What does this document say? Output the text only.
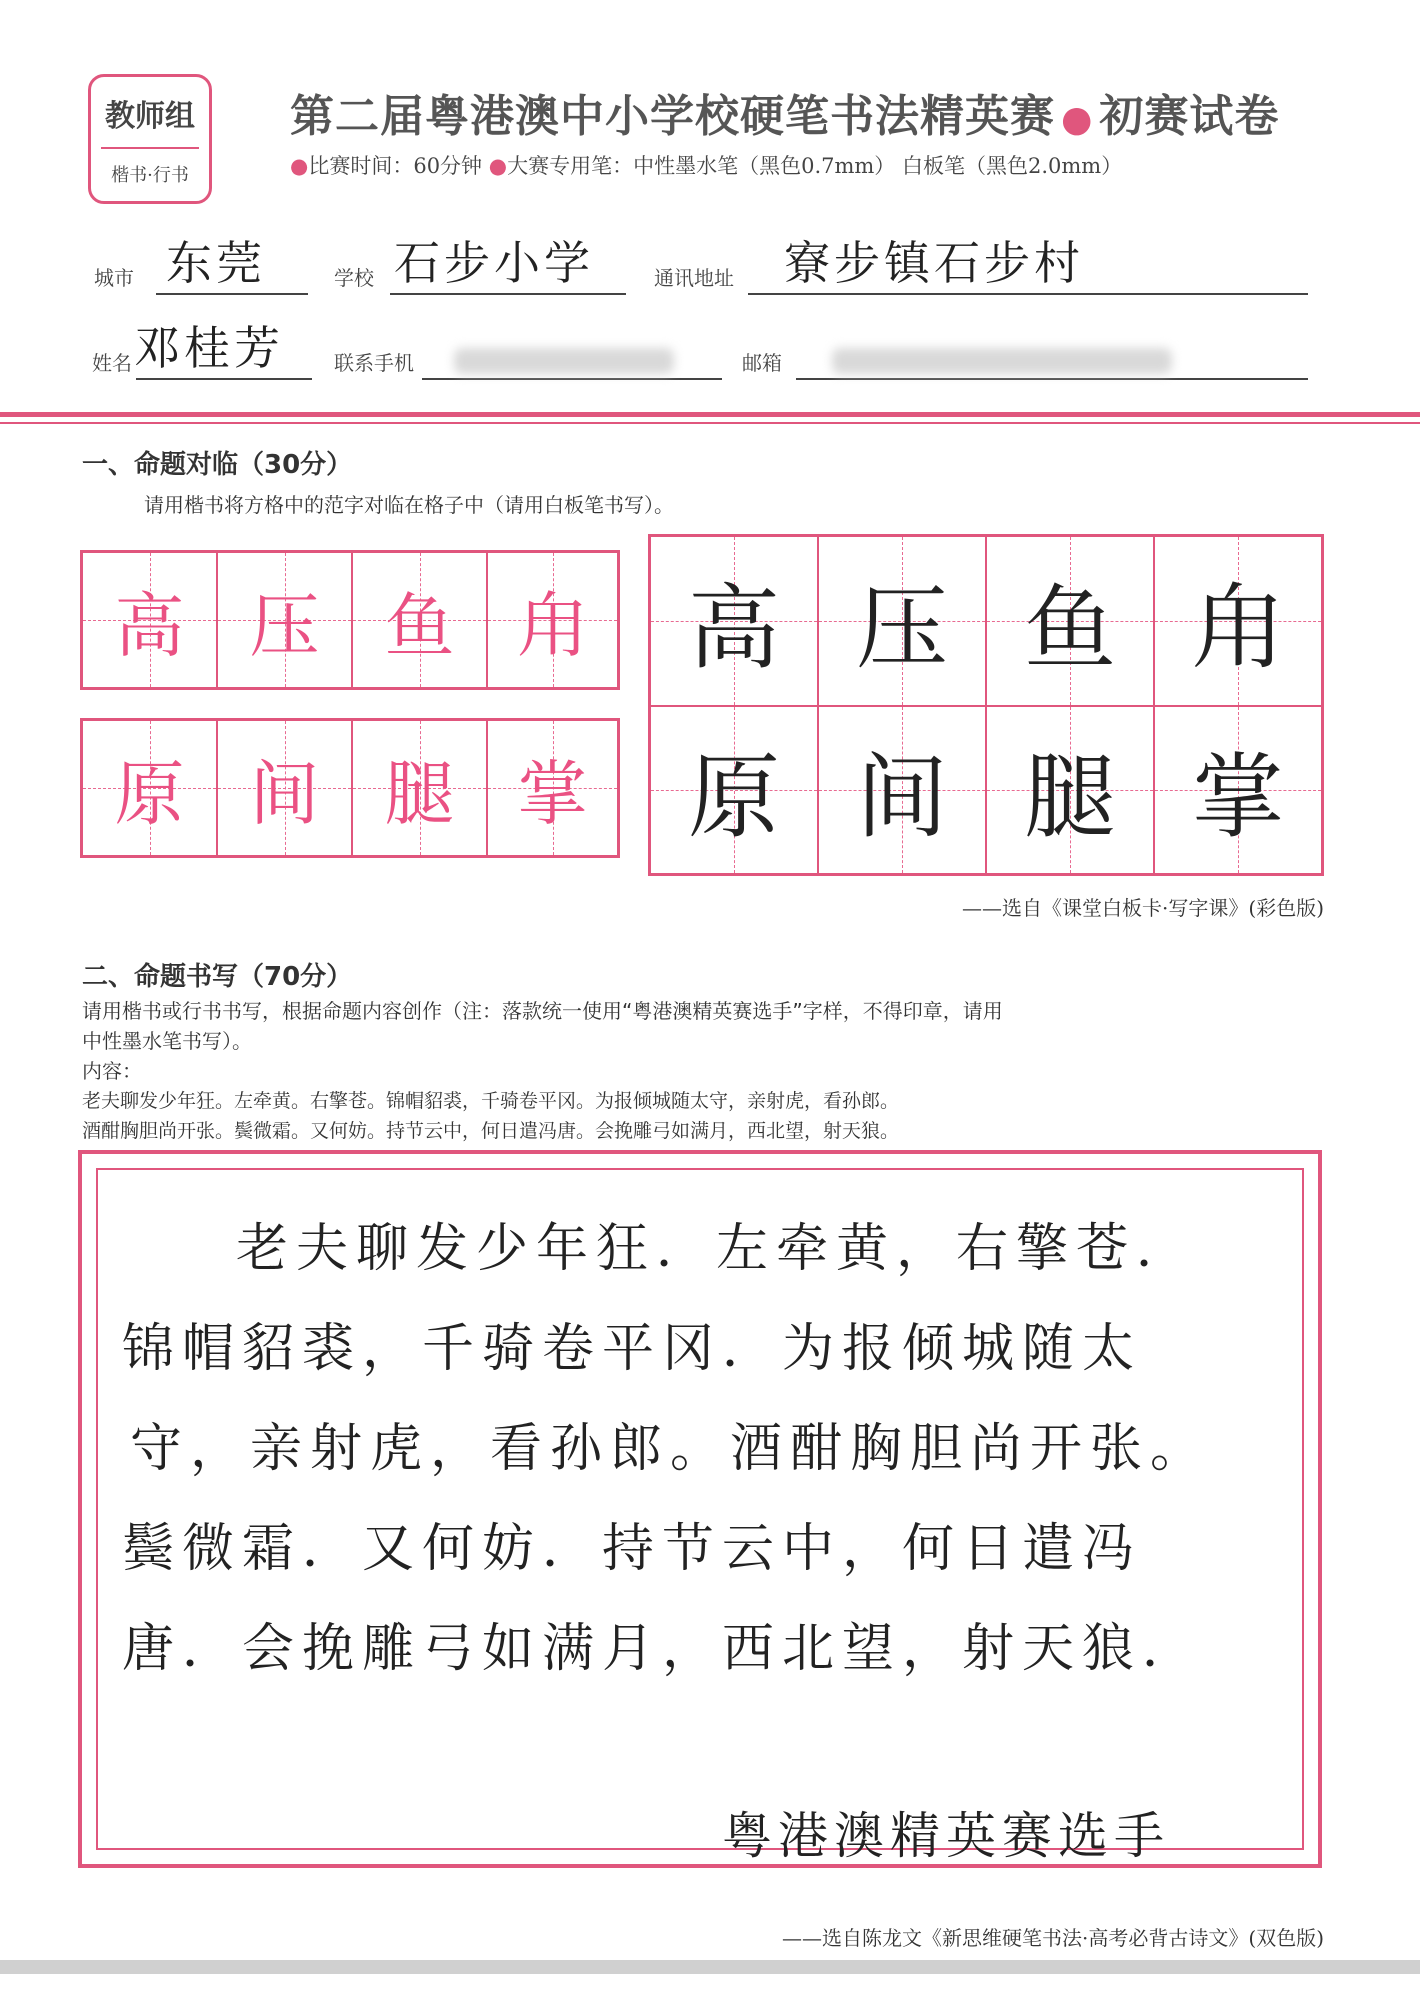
教师组
楷书·行书
第二届粤港澳中小学校硬笔书法精英赛 ● 初赛试卷
●比赛时间：60分钟 ●大赛专用笔：中性墨水笔（黑色0.7mm） 白板笔（黑色2.0mm）
城市 东莞	学校 石步小学	通讯地址 寮步镇石步村
姓名 邓桂芳	联系手机	邮箱
一、命题对临（30分）
请用楷书将方格中的范字对临在格子中（请用白板笔书写）。
高 压 鱼 甪
原 间 腿 掌
高 压 鱼 甪
原 间 腿 掌
——选自《课堂白板卡·写字课》(彩色版)
二、命题书写（70分）
请用楷书或行书书写，根据命题内容创作（注：落款统一使用“粤港澳精英赛选手”字样，不得印章，请用
中性墨水笔书写）。
内容：
老夫聊发少年狂。左牵黄。右擎苍。锦帽貂裘，千骑卷平冈。为报倾城随太守，亲射虎，看孙郎。
酒酣胸胆尚开张。鬓微霜。又何妨。持节云中，何日遣冯唐。会挽雕弓如满月，西北望，射天狼。
老夫聊发少年狂．左牵黄，右擎苍．
锦帽貂裘，千骑卷平冈．为报倾城随太
守，亲射虎，看孙郎。酒酣胸胆尚开张。
鬓微霜．又何妨．持节云中，何日遣冯
唐．会挽雕弓如满月，西北望，射天狼．
粤港澳精英赛选手
——选自陈龙文《新思维硬笔书法·高考必背古诗文》(双色版)
